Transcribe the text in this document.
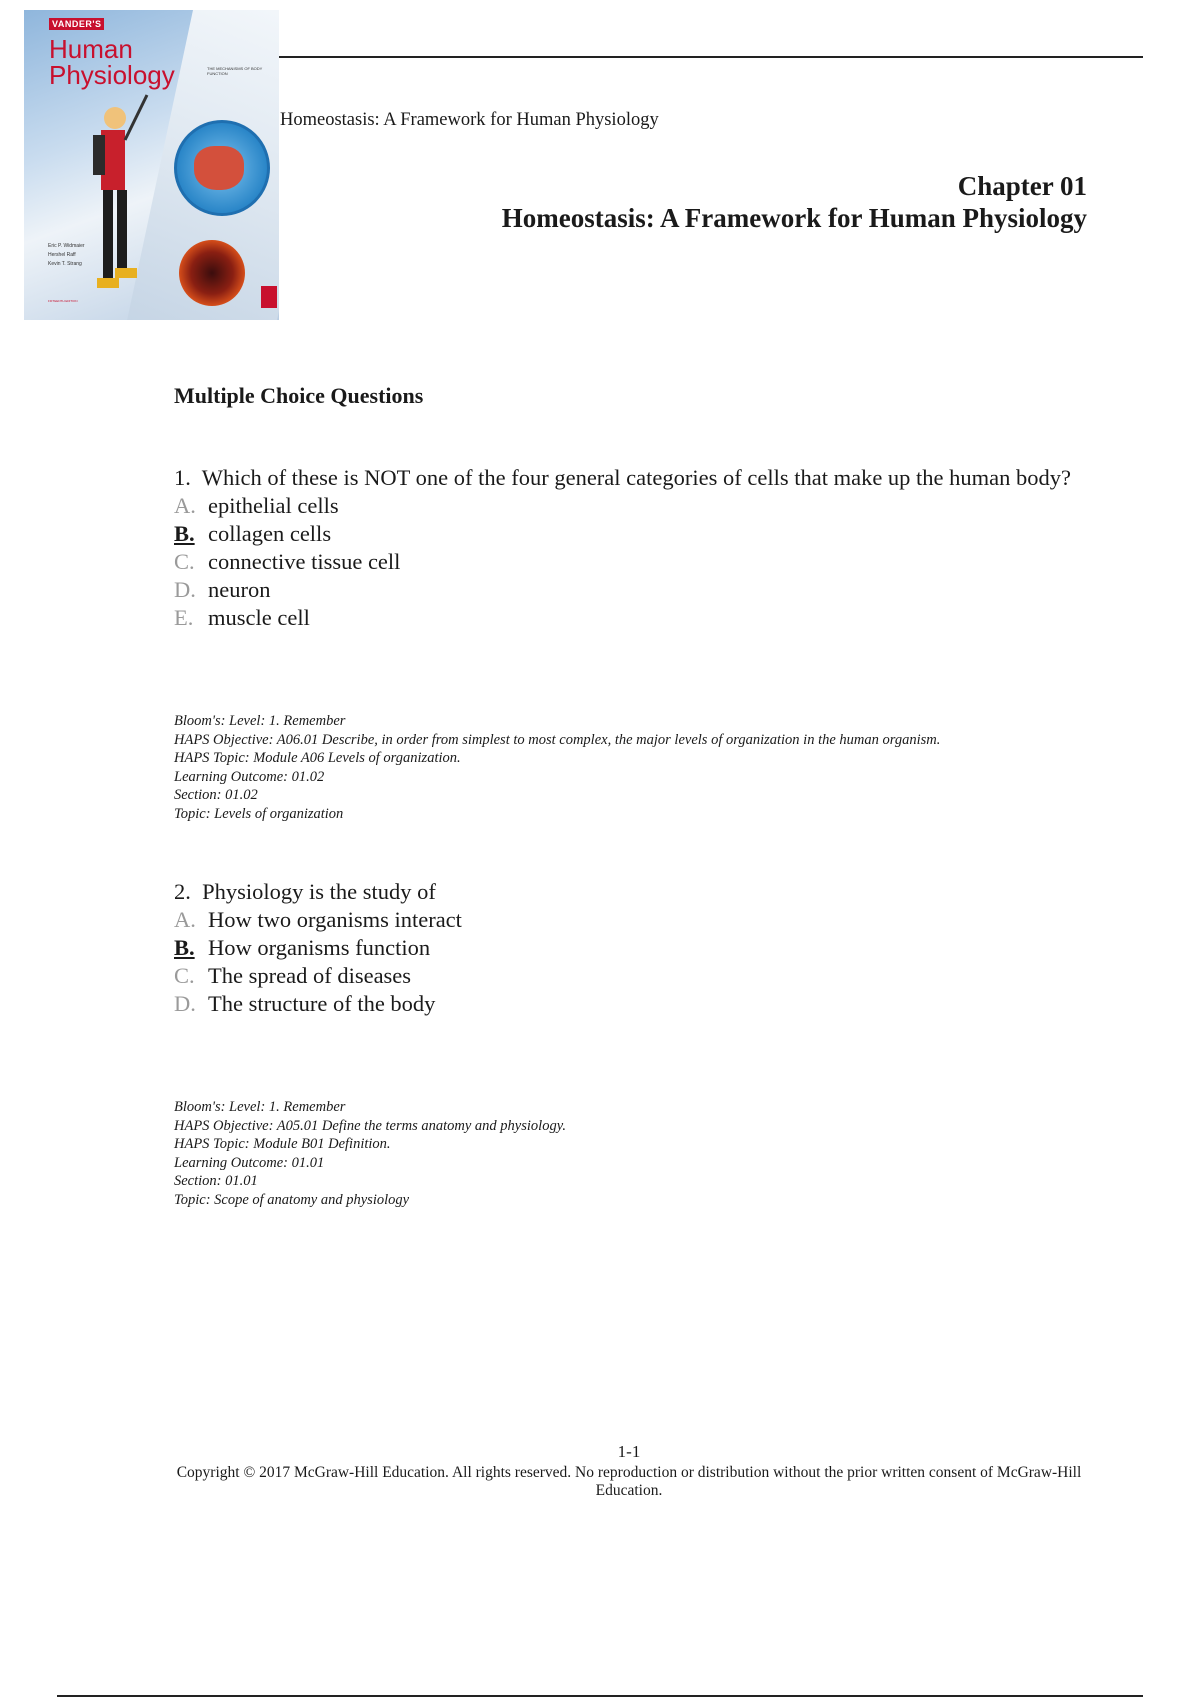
VANDER'S
Human
Physiology	THE MECHANISMS OF BODY FUNCTION
Eric P. Widmaier
Hershel Raff
Kevin T. Strang
FIFTEENTH EDITION
Homeostasis: A Framework for Human Physiology
Chapter 01
Homeostasis: A Framework for Human Physiology
Multiple Choice Questions
1. Which of these is NOT one of the four general categories of cells that make up the human body?
A. epithelial cells
B. collagen cells
C. connective tissue cell
D. neuron
E. muscle cell
Bloom's: Level: 1. Remember
HAPS Objective: A06.01 Describe, in order from simplest to most complex, the major levels of organization in the human organism.
HAPS Topic: Module A06 Levels of organization.
Learning Outcome: 01.02
Section: 01.02
Topic: Levels of organization
2. Physiology is the study of
A. How two organisms interact
B. How organisms function
C. The spread of diseases
D. The structure of the body
Bloom's: Level: 1. Remember
HAPS Objective: A05.01 Define the terms anatomy and physiology.
HAPS Topic: Module B01 Definition.
Learning Outcome: 01.01
Section: 01.01
Topic: Scope of anatomy and physiology
1-1
Copyright © 2017 McGraw-Hill Education. All rights reserved. No reproduction or distribution without the prior written consent of McGraw-Hill Education.
